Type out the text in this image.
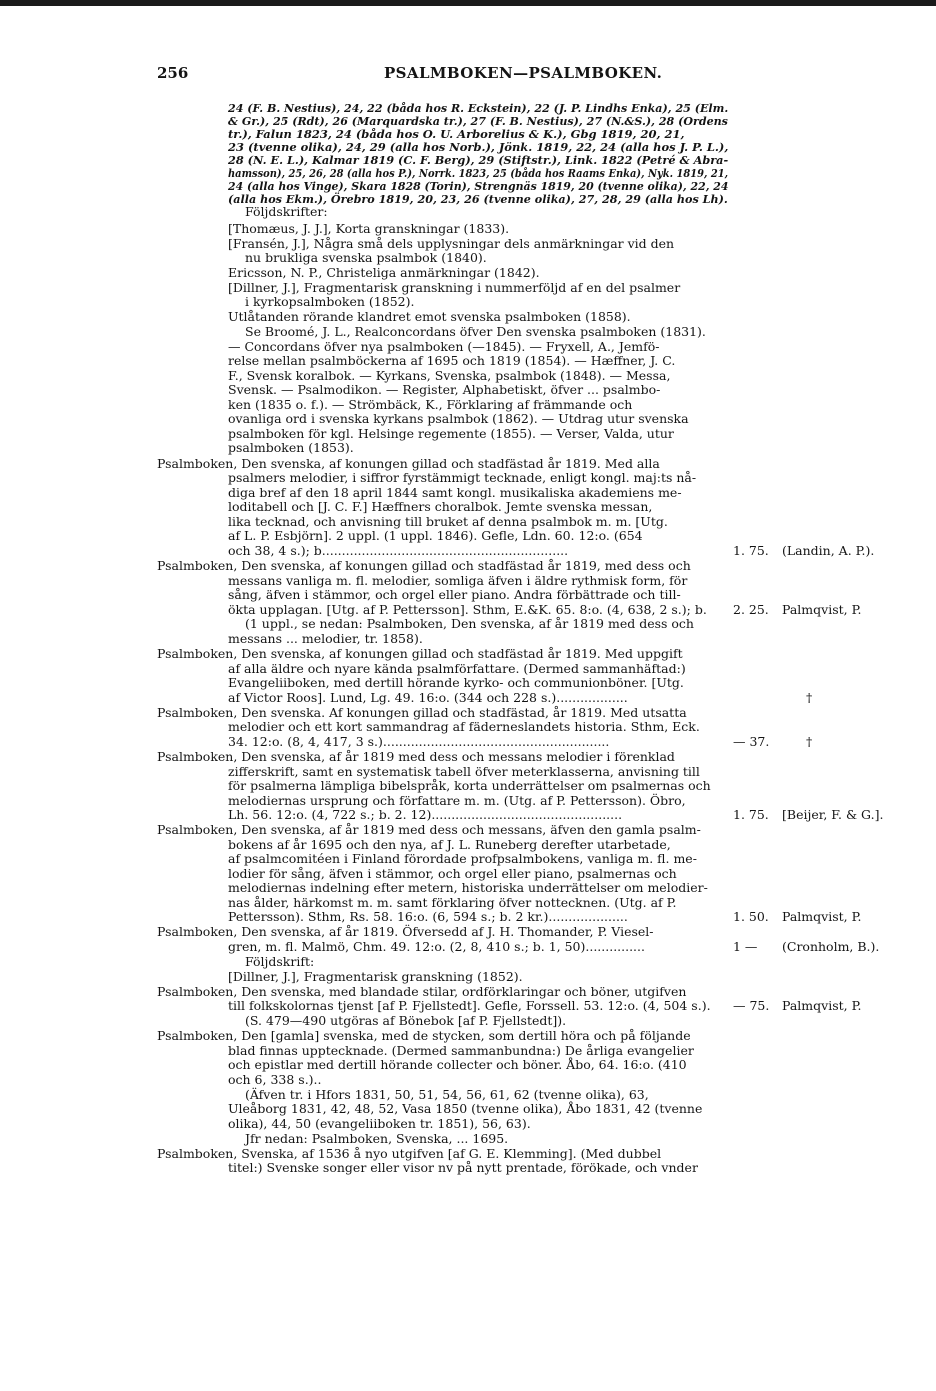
256	PSALMBOKEN—PSALMBOKEN.
24 (F. B. Nestius), 24, 22 (båda hos R. Eckstein), 22 (J. P. Lindhs Enka), 25 (Elm.
& Gr.), 25 (Rdt), 26 (Marquardska tr.), 27 (F. B. Nestius), 27 (N.&S.), 28 (Ordens
tr.), Falun 1823, 24 (båda hos O. U. Arborelius & K.), Gbg 1819, 20, 21,
23 (tvenne olika), 24, 29 (alla hos Norb.), Jönk. 1819, 22, 24 (alla hos J. P. L.),
28 (N. E. L.), Kalmar 1819 (C. F. Berg), 29 (Stiftstr.), Link. 1822 (Petré & Abra-
hamsson), 25, 26, 28 (alla hos P.), Norrk. 1823, 25 (båda hos Raams Enka), Nyk. 1819, 21,
24 (alla hos Vinge), Skara 1828 (Torin), Strengnäs 1819, 20 (tvenne olika), 22, 24
(alla hos Ekm.), Örebro 1819, 20, 23, 26 (tvenne olika), 27, 28, 29 (alla hos Lh).
Följdskrifter:
[Thomæus, J. J.], Korta granskningar (1833).
[Fransén, J.], Några små dels upplysningar dels anmärkningar vid den
nu brukliga svenska psalmbok (1840).
Ericsson, N. P., Christeliga anmärkningar (1842).
[Dillner, J.], Fragmentarisk granskning i nummerföljd af en del psalmer
i kyrkopsalmboken (1852).
Utlåtanden rörande klandret emot svenska psalmboken (1858).
Se Broomé, J. L., Realconcordans öfver Den svenska psalmboken (1831).
— Concordans öfver nya psalmboken (—1845). — Fryxell, A., Jemfö-
relse mellan psalmböckerna af 1695 och 1819 (1854). — Hæffner, J. C.
F., Svensk koralbok. — Kyrkans, Svenska, psalmbok (1848). — Messa,
Svensk. — Psalmodikon. — Register, Alphabetiskt, öfver ... psalmbo-
ken (1835 o. f.). — Strömbäck, K., Förklaring af främmande och
ovanliga ord i svenska kyrkans psalmbok (1862). — Utdrag utur svenska
psalmboken för kgl. Helsinge regemente (1855). — Verser, Valda, utur
psalmboken (1853).
Psalmboken, Den svenska, af konungen gillad och stadfästad år 1819. Med alla
psalmers melodier, i siffror fyrstämmigt tecknade, enligt kongl. maj:ts nå-
diga bref af den 18 april 1844 samt kongl. musikaliska akademiens me-
loditabell och [J. C. F.] Hæffners choralbok. Jemte svenska messan,
lika tecknad, och anvisning till bruket af denna psalmbok m. m. [Utg.
af L. P. Esbjörn]. 2 uppl. (1 uppl. 1846). Gefle, Ldn. 60. 12:o. (654
och 38, 4 s.); b..............................................................
Psalmboken, Den svenska, af konungen gillad och stadfästad år 1819, med dess och
messans vanliga m. fl. melodier, somliga äfven i äldre rythmisk form, för
sång, äfven i stämmor, och orgel eller piano. Andra förbättrade och till-
ökta upplagan. [Utg. af P. Pettersson]. Sthm, E.&K. 65. 8:o. (4, 638, 2 s.); b.
(1 uppl., se nedan: Psalmboken, Den svenska, af år 1819 med dess och
messans ... melodier, tr. 1858).
Psalmboken, Den svenska, af konungen gillad och stadfästad år 1819. Med uppgift
af alla äldre och nyare kända psalmförfattare. (Dermed sammanhäftad:)
Evangeliiboken, med dertill hörande kyrko- och communionböner. [Utg.
af Victor Roos]. Lund, Lg. 49. 16:o. (344 och 228 s.)..................
Psalmboken, Den svenska. Af konungen gillad och stadfästad, år 1819. Med utsatta
melodier och ett kort sammandrag af fäderneslandets historia. Sthm, Eck.
34. 12:o. (8, 4, 417, 3 s.).........................................................
Psalmboken, Den svenska, af år 1819 med dess och messans melodier i förenklad
zifferskrift, samt en systematisk tabell öfver meterklasserna, anvisning till
för psalmerna lämpliga bibelspråk, korta underrättelser om psalmernas och
melodiernas ursprung och författare m. m. (Utg. af P. Pettersson). Öbro,
Lh. 56. 12:o. (4, 722 s.; b. 2. 12)................................................
Psalmboken, Den svenska, af år 1819 med dess och messans, äfven den gamla psalm-
bokens af år 1695 och den nya, af J. L. Runeberg derefter utarbetade,
af psalmcomitéen i Finland förordade profpsalmbokens, vanliga m. fl. me-
lodier för sång, äfven i stämmor, och orgel eller piano, psalmernas och
melodiernas indelning efter metern, historiska underrättelser om melodier-
nas ålder, härkomst m. m. samt förklaring öfver nottecknen. (Utg. af P.
Pettersson). Sthm, Rs. 58. 16:o. (6, 594 s.; b. 2 kr.)....................
Psalmboken, Den svenska, af år 1819. Öfversedd af J. H. Thomander, P. Viesel-
gren, m. fl. Malmö, Chm. 49. 12:o. (2, 8, 410 s.; b. 1, 50)...............
Följdskrift:
[Dillner, J.], Fragmentarisk granskning (1852).
Psalmboken, Den svenska, med blandade stilar, ordförklaringar och böner, utgifven
till folkskolornas tjenst [af P. Fjellstedt]. Gefle, Forssell. 53. 12:o. (4, 504 s.).
(S. 479—490 utgöras af Bönebok [af P. Fjellstedt]).
Psalmboken, Den [gamla] svenska, med de stycken, som dertill höra och på följande
blad finnas upptecknade. (Dermed sammanbundna:) De årliga evangelier
och epistlar med dertill hörande collecter och böner. Åbo, 64. 16:o. (410
och 6, 338 s.)..
(Äfven tr. i Hfors 1831, 50, 51, 54, 56, 61, 62 (tvenne olika), 63,
Uleåborg 1831, 42, 48, 52, Vasa 1850 (tvenne olika), Åbo 1831, 42 (tvenne
olika), 44, 50 (evangeliiboken tr. 1851), 56, 63).
Jfr nedan: Psalmboken, Svenska, ... 1695.
Psalmboken, Svenska, af 1536 å nyo utgifven [af G. E. Klemming]. (Med dubbel
titel:) Svenske songer eller visor nv på nytt prentade, förökade, och vnder
1. 75. (Landin, A. P.).
2. 25. Palmqvist, P.
†
— 37.	†
1. 75. [Beijer, F. & G.].
1. 50. Palmqvist, P.
1 — (Cronholm, B.).
— 75. Palmqvist, P.
